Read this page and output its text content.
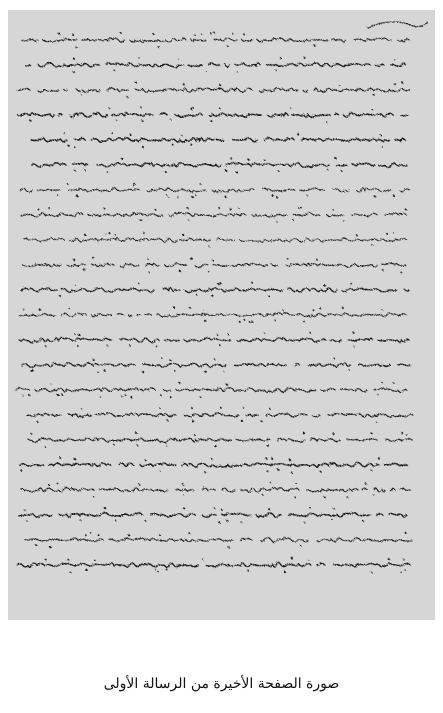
صورة الصفحة الأخيرة من الرسالة الأولى
